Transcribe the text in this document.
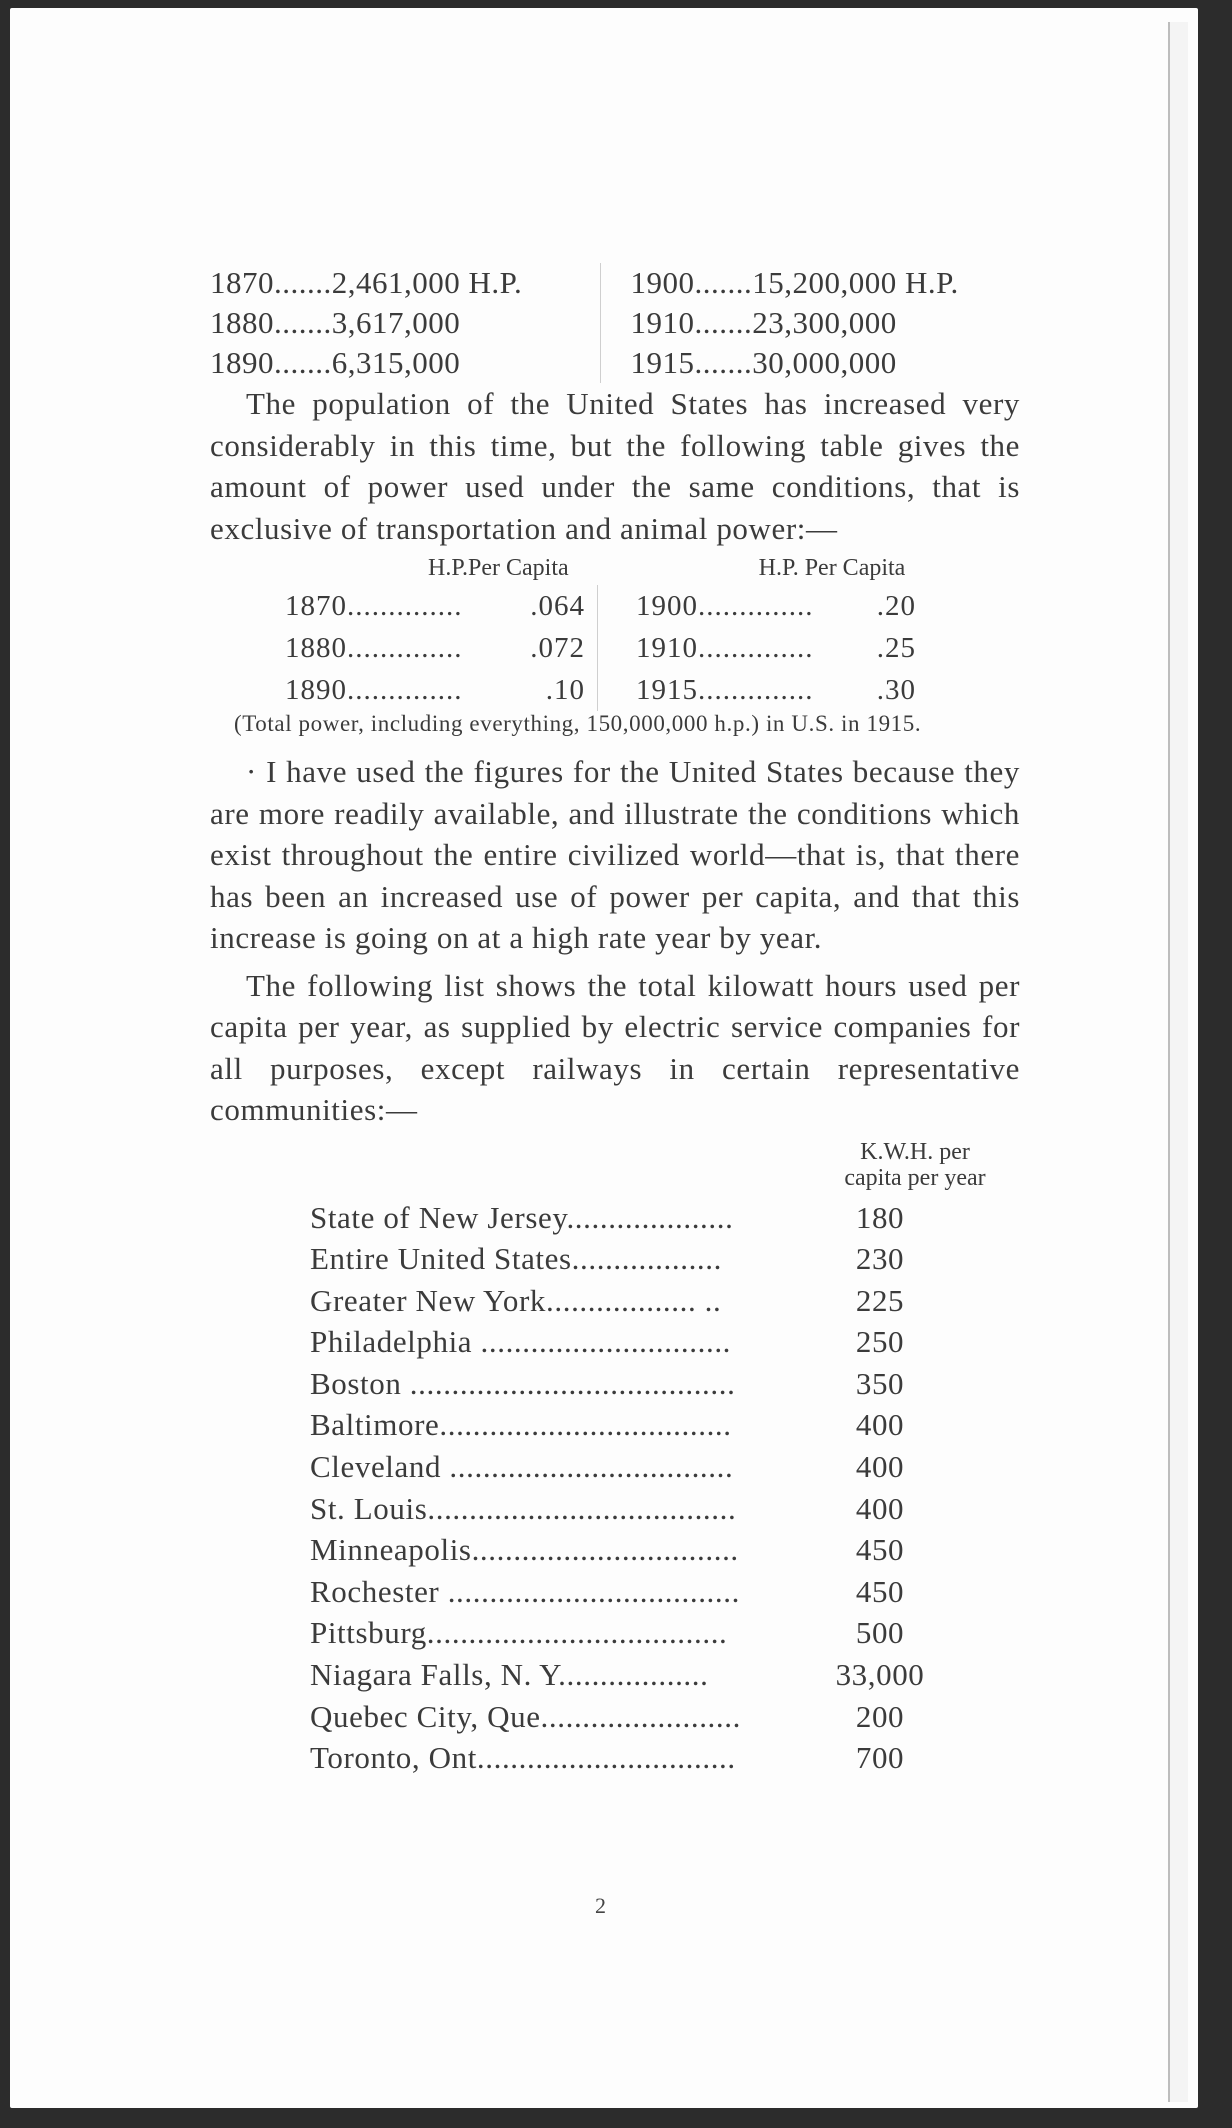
1870.......2,461,000 H.P.
1880.......3,617,000
1890.......6,315,000
1900.......15,200,000 H.P.
1910.......23,300,000
1915.......30,000,000

The population of the United States has increased very considerably in this time, but the following table gives the amount of power used under the same conditions, that is exclusive of transportation and animal power:—

H.P.Per Capita	H.P. Per Capita
1870.............. .064
1880.............. .072
1890..............	.10
1900.............. .20
1910.............. .25
1915.............. .30

(Total power, including everything, 150,000,000 h.p.) in U.S. in 1915.

· I have used the figures for the United States because they are more readily available, and illustrate the conditions which exist throughout the entire civilized world—that is, that there has been an increased use of power per capita, and that this increase is going on at a high rate year by year.

The following list shows the total kilowatt hours used per capita per year, as supplied by electric service companies for all purposes, except railways in certain representative communities:—

K.W.H. per
capita per year
State of New Jersey....................	180
Entire United States..................	230
Greater New York.................. ..	225
Philadelphia ..............................	250
Boston .......................................	350
Baltimore...................................	400
Cleveland ..................................	400
St. Louis.....................................	400
Minneapolis................................	450
Rochester ...................................	450
Pittsburg....................................	500
Niagara Falls, N. Y..................	33,000
Quebec City, Que........................	200
Toronto, Ont...............................	700
2
